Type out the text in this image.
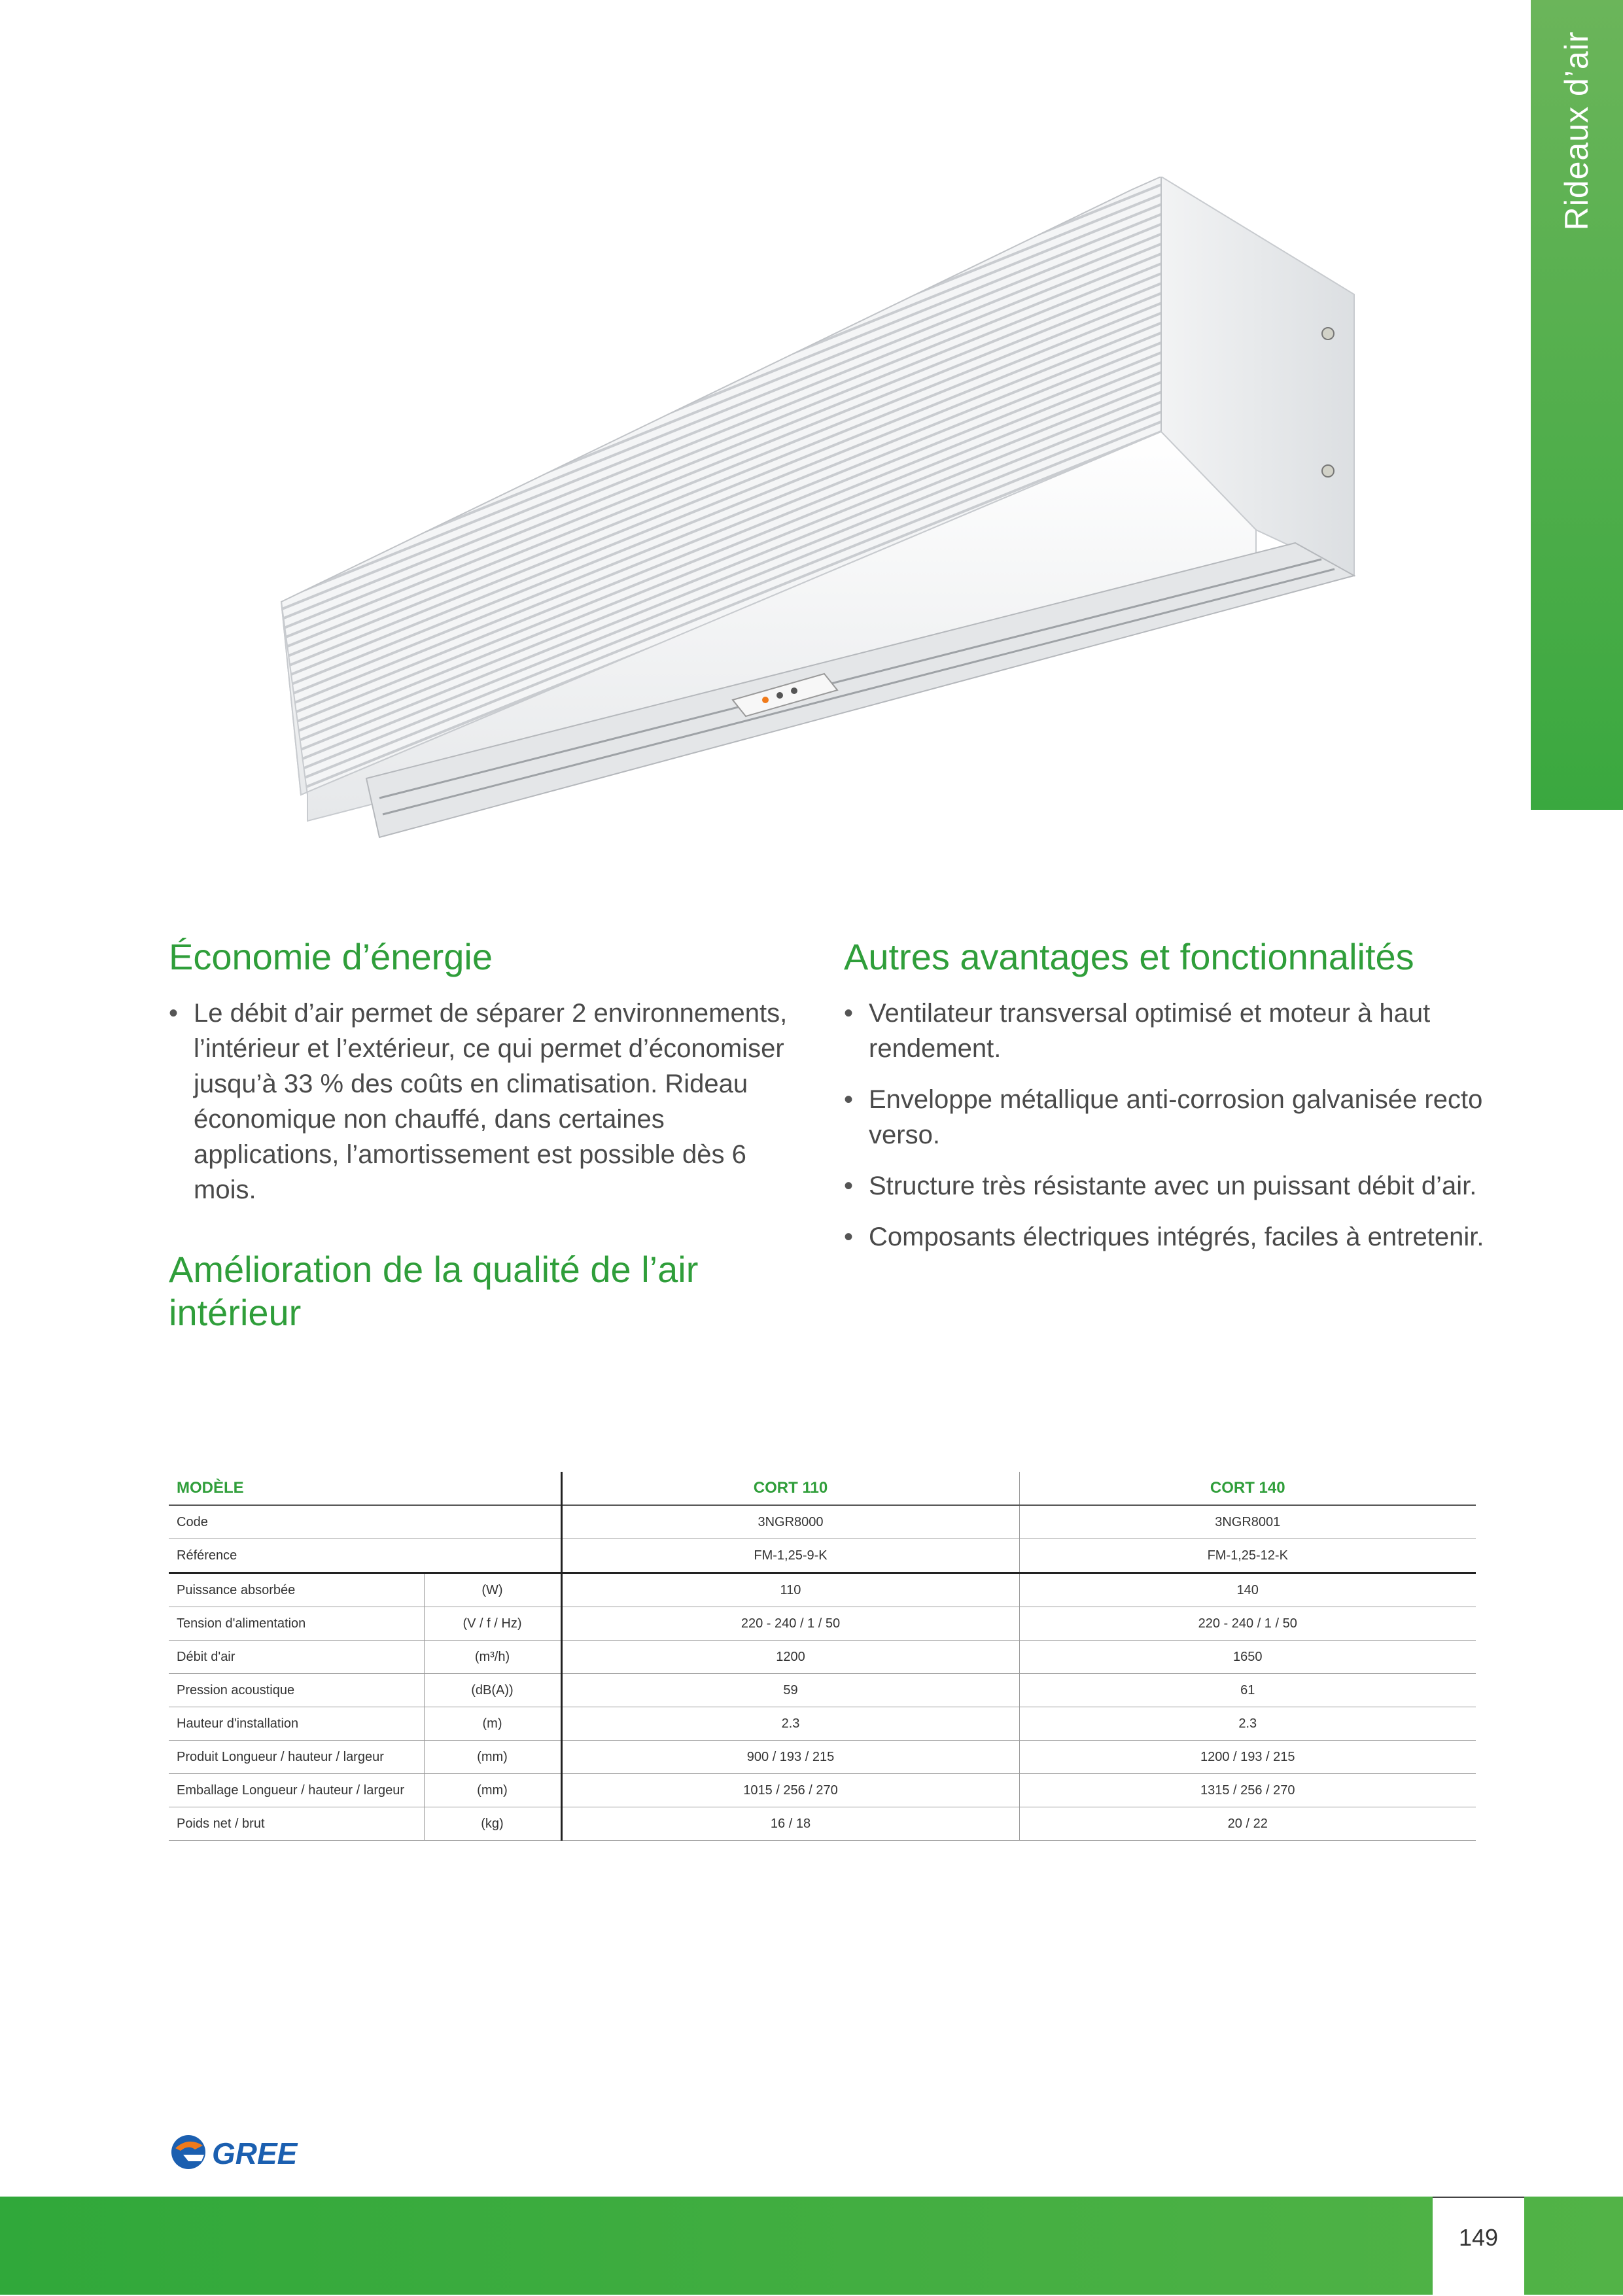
Rideaux d’air
Économie d’énergie
• Le débit d’air permet de séparer 2 environnements, l’intérieur et l’extérieur, ce qui permet d’économiser jusqu’à 33 % des coûts en climatisation. Rideau économique non chauffé, dans certaines applications, l’amortissement est possible dès 6 mois.
Amélioration de la qualité de l’air intérieur
Autres avantages et fonctionnalités
• Ventilateur transversal optimisé et moteur à haut rendement.
• Enveloppe métallique anti-corrosion galvanisée recto verso.
• Structure très résistante avec un puissant débit d’air.
• Composants électriques intégrés, faciles à entretenir.
MODÈLE		CORT 110	CORT 140
Code		3NGR8000	3NGR8001
Référence		FM-1,25-9-K	FM-1,25-12-K
Puissance absorbée	(W)	110	140
Tension d'alimentation	(V / f / Hz)	220 - 240 / 1 / 50	220 - 240 / 1 / 50
Débit d'air	(m³/h)	1200	1650
Pression acoustique	(dB(A))	59	61
Hauteur d'installation	(m)	2.3	2.3
Produit Longueur / hauteur / largeur	(mm)	900 / 193 / 215	1200 / 193 / 215
Emballage Longueur / hauteur / largeur	(mm)	1015 / 256 / 270	1315 / 256 / 270
Poids net / brut	(kg)	16 / 18	20 / 22
GREE
149
